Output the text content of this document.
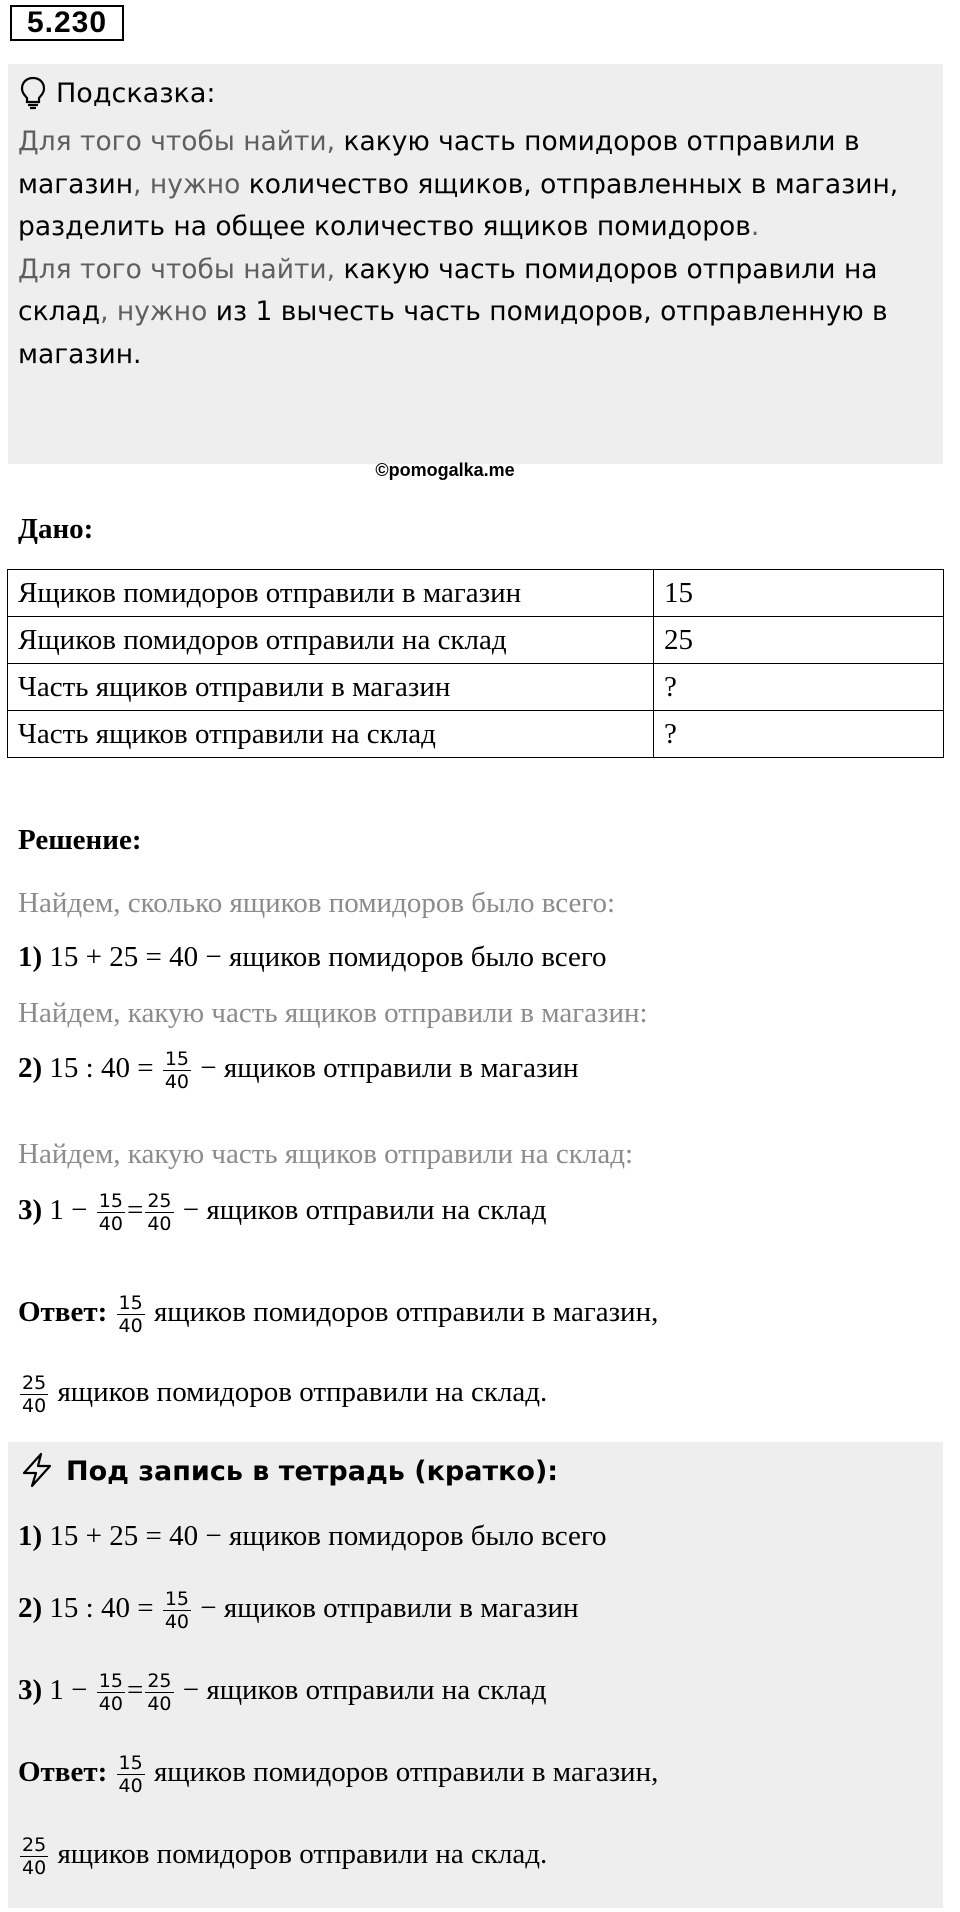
5.230
Подсказка:
Для того чтобы найти, какую часть помидоров отправили в магазин, нужно количество ящиков, отправленных в магазин, разделить на общее количество ящиков помидоров.
Для того чтобы найти, какую часть помидоров отправили на склад, нужно из 1 вычесть часть помидоров, отправленную в магазин.
©pomogalka.me
Дано:
Ящиков помидоров отправили в магазин	15
Ящиков помидоров отправили на склад	25
Часть ящиков отправили в магазин	?
Часть ящиков отправили на склад	?
Решение:
Найдем, сколько ящиков помидоров было всего:
1) 15 + 25 = 40 − ящиков помидоров было всего
Найдем, какую часть ящиков отправили в магазин:
2) 15 : $40 = \frac{15}{40}$ − ящиков отправили в магазин
Найдем, какую часть ящиков отправили на склад:
3) $1 - \frac{15}{40} = \frac{25}{40}$ − ящиков отправили на склад
Ответ: $\frac{15}{40}$ ящиков помидоров отправили в магазин,
$\frac{25}{40}$ ящиков помидоров отправили на склад.
Под запись в тетрадь (кратко):
1) 15 + 25 = 40 − ящиков помидоров было всего
2) 15 : $40 = \frac{15}{40}$ − ящиков отправили в магазин
3) $1 - \frac{15}{40} = \frac{25}{40}$ − ящиков отправили на склад
Ответ: $\frac{15}{40}$ ящиков помидоров отправили в магазин,
$\frac{25}{40}$ ящиков помидоров отправили на склад.
